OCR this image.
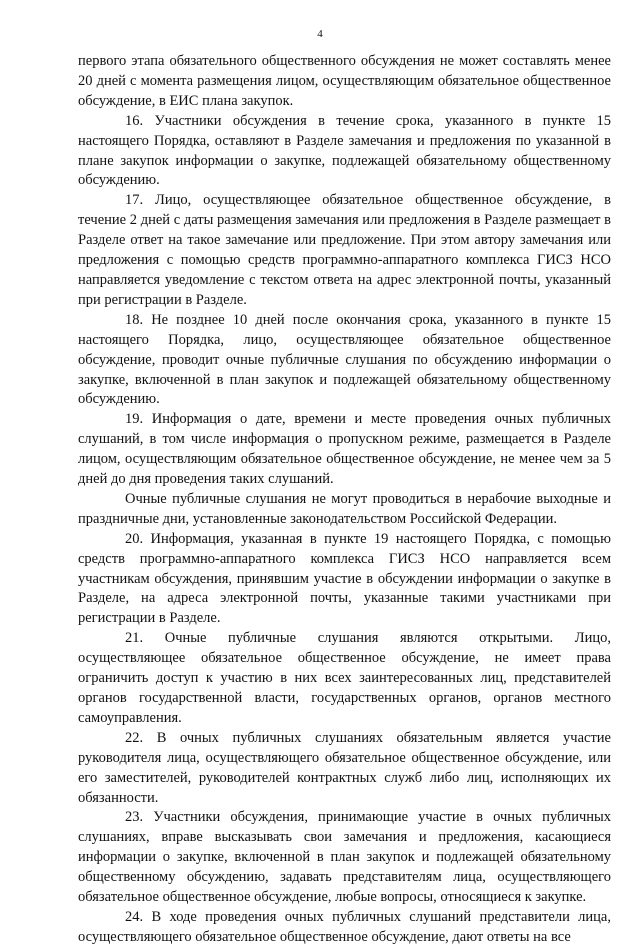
4

первого этапа обязательного общественного обсуждения не может составлять менее 20 дней с момента размещения лицом, осуществляющим обязательное общественное обсуждение, в ЕИС плана закупок.

16. Участники обсуждения в течение срока, указанного в пункте 15 настоящего Порядка, оставляют в Разделе замечания и предложения по указанной в плане закупок информации о закупке, подлежащей обязательному общественному обсуждению.

17. Лицо, осуществляющее обязательное общественное обсуждение, в течение 2 дней с даты размещения замечания или предложения в Разделе размещает в Разделе ответ на такое замечание или предложение. При этом автору замечания или предложения с помощью средств программно-аппаратного комплекса ГИСЗ НСО направляется уведомление с текстом ответа на адрес электронной почты, указанный при регистрации в Разделе.

18. Не позднее 10 дней после окончания срока, указанного в пункте 15 настоящего Порядка, лицо, осуществляющее обязательное общественное обсуждение, проводит очные публичные слушания по обсуждению информации о закупке, включенной в план закупок и подлежащей обязательному общественному обсуждению.

19. Информация о дате, времени и месте проведения очных публичных слушаний, в том числе информация о пропускном режиме, размещается в Разделе лицом, осуществляющим обязательное общественное обсуждение, не менее чем за 5 дней до дня проведения таких слушаний.

Очные публичные слушания не могут проводиться в нерабочие выходные и праздничные дни, установленные законодательством Российской Федерации.

20. Информация, указанная в пункте 19 настоящего Порядка, с помощью средств программно-аппаратного комплекса ГИСЗ НСО направляется всем участникам обсуждения, принявшим участие в обсуждении информации о закупке в Разделе, на адреса электронной почты, указанные такими участниками при регистрации в Разделе.

21. Очные публичные слушания являются открытыми. Лицо, осуществляющее обязательное общественное обсуждение, не имеет права ограничить доступ к участию в них всех заинтересованных лиц, представителей органов государственной власти, государственных органов, органов местного самоуправления.

22. В очных публичных слушаниях обязательным является участие руководителя лица, осуществляющего обязательное общественное обсуждение, или его заместителей, руководителей контрактных служб либо лиц, исполняющих их обязанности.

23. Участники обсуждения, принимающие участие в очных публичных слушаниях, вправе высказывать свои замечания и предложения, касающиеся информации о закупке, включенной в план закупок и подлежащей обязательному общественному обсуждению, задавать представителям лица, осуществляющего обязательное общественное обсуждение, любые вопросы, относящиеся к закупке.

24. В ходе проведения очных публичных слушаний представители лица, осуществляющего обязательное общественное обсуждение, дают ответы на все
